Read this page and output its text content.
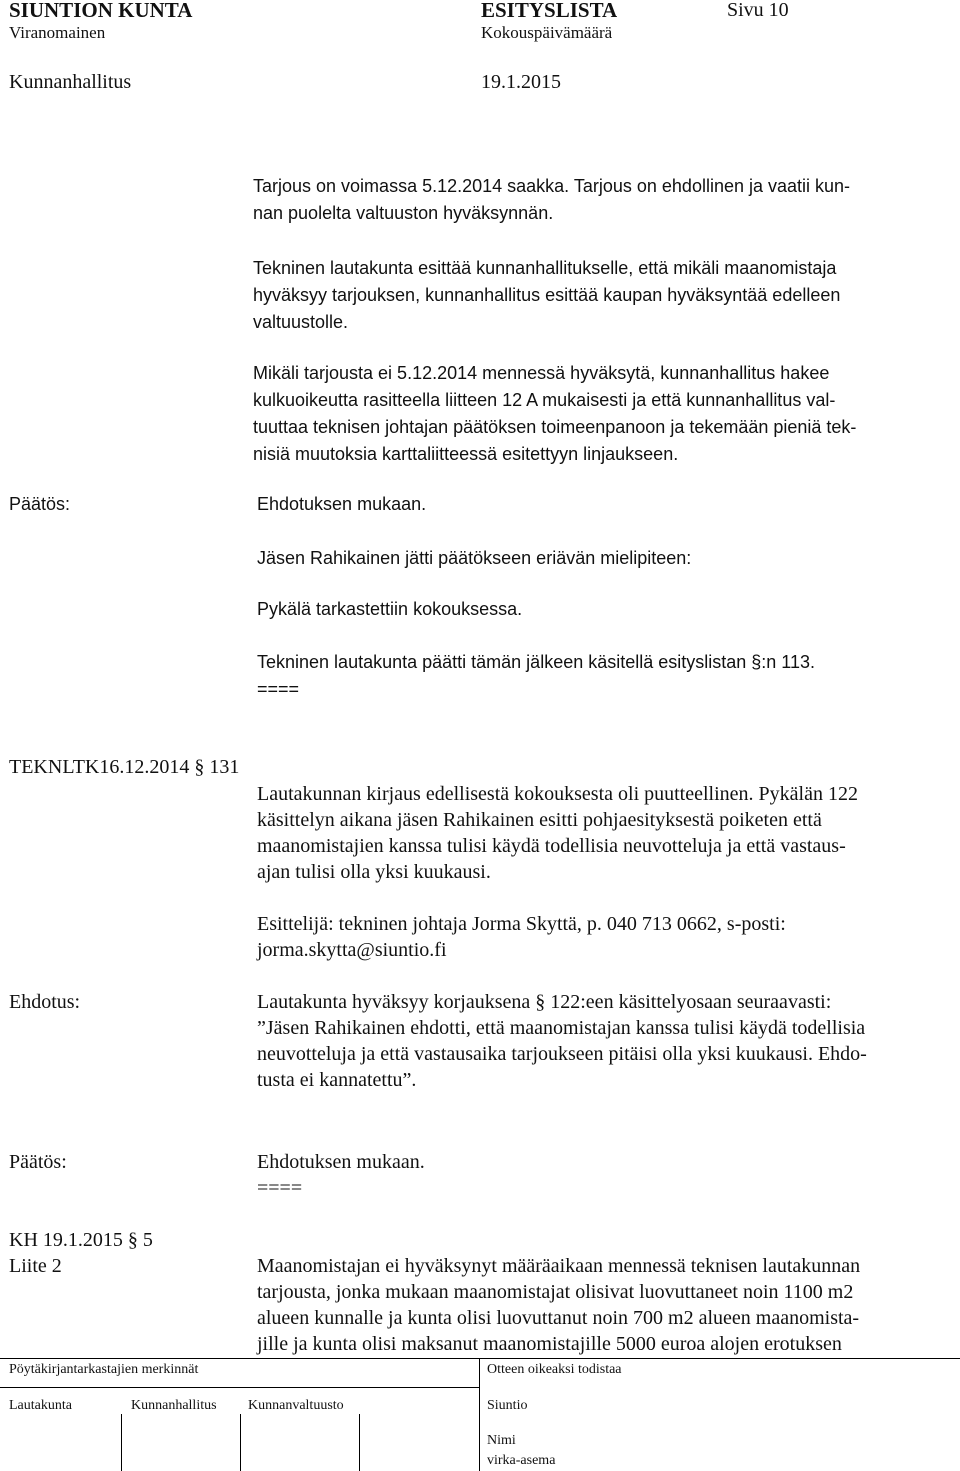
SIUNTION KUNTA	ESITYSLISTA	Sivu 10
Viranomainen	Kokouspäivämäärä
Kunnanhallitus	19.1.2015
Tarjous on voimassa 5.12.2014 saakka. Tarjous on ehdollinen ja vaatii kun-
nan puolelta valtuuston hyväksynnän.
Tekninen lautakunta esittää kunnanhallitukselle, että mikäli maanomistaja
hyväksyy tarjouksen, kunnanhallitus esittää kaupan hyväksyntää edelleen
valtuustolle.
Mikäli tarjousta ei 5.12.2014 mennessä hyväksytä, kunnanhallitus hakee
kulkuoikeutta rasitteella liitteen 12 A mukaisesti ja että kunnanhallitus val-
tuuttaa teknisen johtajan päätöksen toimeenpanoon ja tekemään pieniä tek-
nisiä muutoksia karttaliitteessä esitettyyn linjaukseen.
Päätös:	Ehdotuksen mukaan.
Jäsen Rahikainen jätti päätökseen eriävän mielipiteen:
Pykälä tarkastettiin kokouksessa.
Tekninen lautakunta päätti tämän jälkeen käsitellä esityslistan §:n 113.
====
TEKNLTK16.12.2014 § 131
Lautakunnan kirjaus edellisestä kokouksesta oli puutteellinen. Pykälän 122
käsittelyn aikana jäsen Rahikainen esitti pohjaesityksestä poiketen että
maanomistajien kanssa tulisi käydä todellisia neuvotteluja ja että vastaus-
ajan tulisi olla yksi kuukausi.
Esittelijä: tekninen johtaja Jorma Skyttä, p. 040 713 0662, s-posti:
jorma.skytta@siuntio.fi
Ehdotus:	Lautakunta hyväksyy korjauksena § 122:een käsittelyosaan seuraavasti:
”Jäsen Rahikainen ehdotti, että maanomistajan kanssa tulisi käydä todellisia
neuvotteluja ja että vastausaika tarjoukseen pitäisi olla yksi kuukausi. Ehdo-
tusta ei kannatettu”.
Päätös:	Ehdotuksen mukaan.
====
KH 19.1.2015 § 5
Liite 2	Maanomistajan ei hyväksynyt määräaikaan mennessä teknisen lautakunnan
tarjousta, jonka mukaan maanomistajat olisivat luovuttaneet noin 1100 m2
alueen kunnalle ja kunta olisi luovuttanut noin 700 m2 alueen maanomista-
jille ja kunta olisi maksanut maanomistajille 5000 euroa alojen erotuksen
Pöytäkirjantarkastajien merkinnät
Lautakunta	Kunnanhallitus Kunnanvaltuusto
Otteen oikeaksi todistaa
Siuntio
Nimi
virka-asema
